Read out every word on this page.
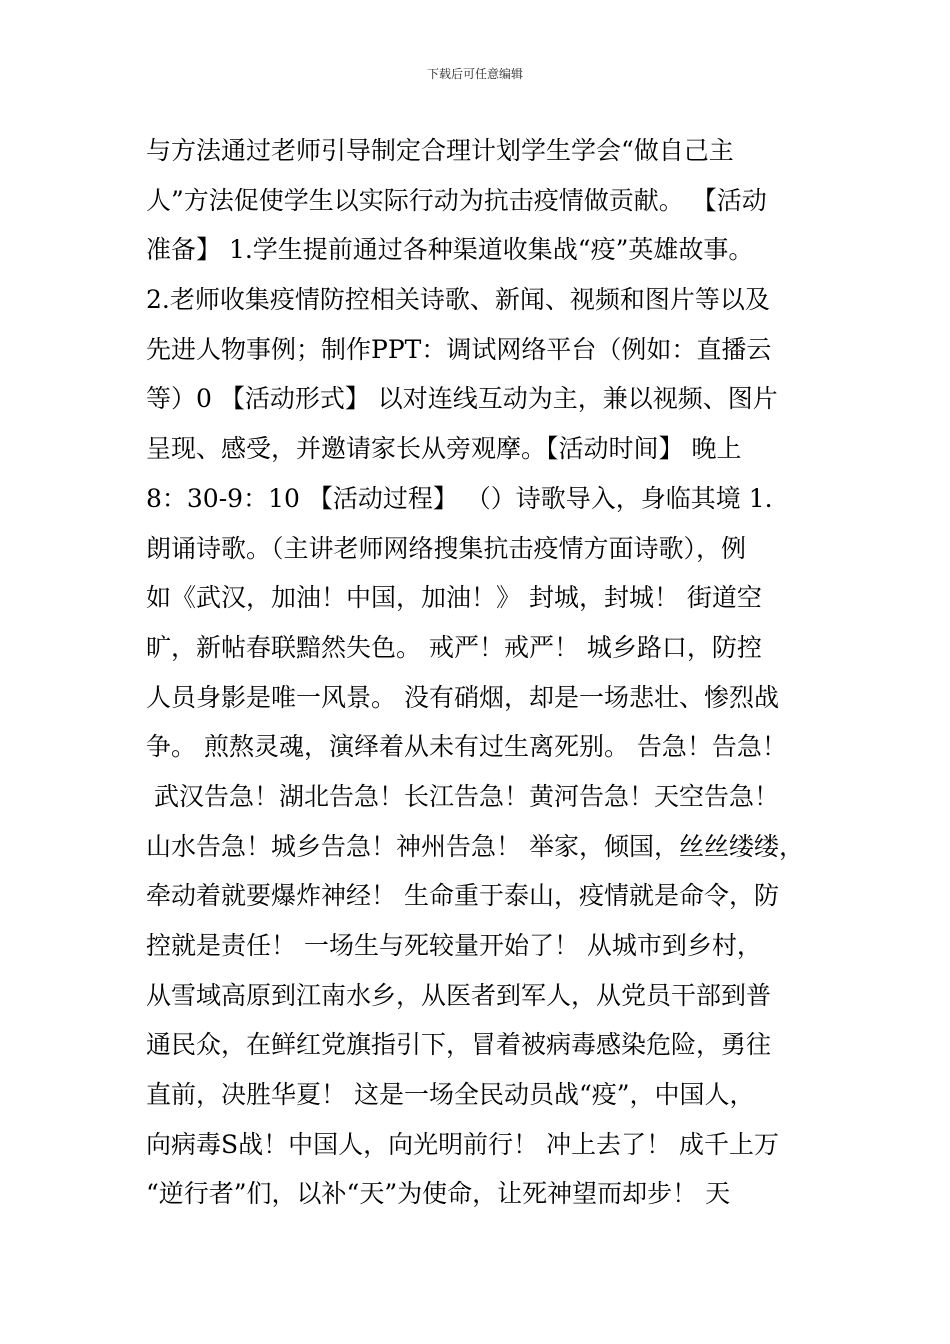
下载后可任意编辑
与方法通过老师引导制定合理计划学生学会“做自己主
人”方法促使学生以实际行动为抗击疫情做贡献。 【活动
准备】 1.学生提前通过各种渠道收集战“疫”英雄故事。
2.老师收集疫情防控相关诗歌、新闻、视频和图片等以及
先进人物事例；制作PPT：调试网络平台（例如：直播云
等）0 【活动形式】 以对连线互动为主，兼以视频、图片
呈现、感受，并邀请家长从旁观摩。【活动时间】 晚上
8：30-9：10 【活动过程】 （）诗歌导入，身临其境 1.
朗诵诗歌。（主讲老师网络搜集抗击疫情方面诗歌），例
如《武汉，加油！中国，加油！》 封城，封城！ 街道空
旷，新帖春联黯然失色。 戒严！戒严！ 城乡路口，防控
人员身影是唯一风景。 没有硝烟，却是一场悲壮、惨烈战
争。 煎熬灵魂，演绎着从未有过生离死别。 告急！告急！
武汉告急！湖北告急！长江告急！黄河告急！天空告急！
山水告急！城乡告急！神州告急！ 举家，倾国，丝丝缕缕，
牵动着就要爆炸神经！ 生命重于泰山，疫情就是命令，防
控就是责任！ 一场生与死较量开始了！ 从城市到乡村，
从雪域高原到江南水乡，从医者到军人，从党员干部到普
通民众，在鲜红党旗指引下，冒着被病毒感染危险，勇往
直前，决胜华夏！ 这是一场全民动员战“疫”，中国人，
向病毒S战！中国人，向光明前行！ 冲上去了！ 成千上万
“逆行者”们，以补“天”为使命，让死神望而却步！ 天
